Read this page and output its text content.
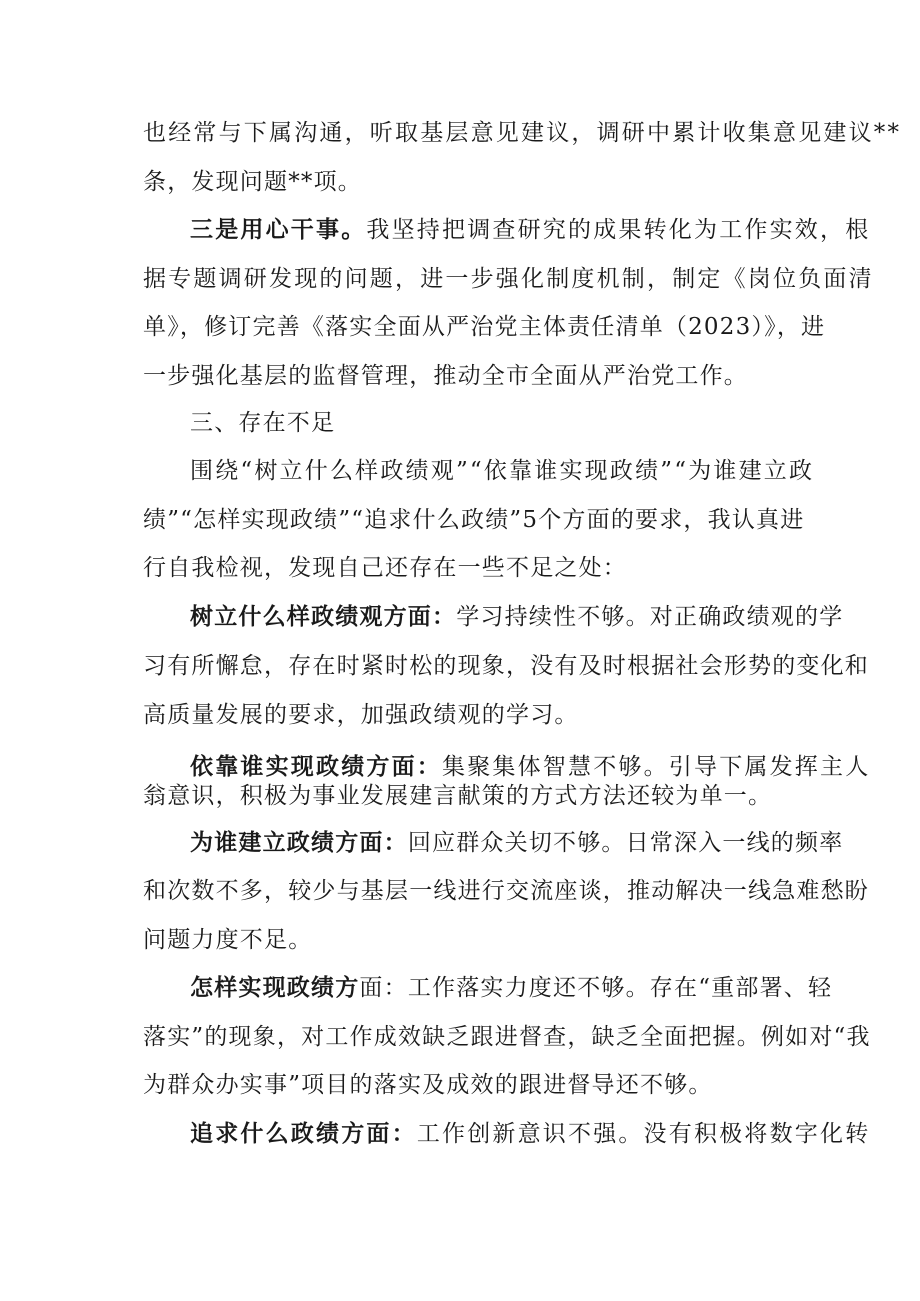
也经常与下属沟通，听取基层意见建议，调研中累计收集意见建议**
条，发现问题**项。
三是用心干事。我坚持把调查研究的成果转化为工作实效，根
据专题调研发现的问题，进一步强化制度机制，制定《岗位负面清
单》，修订完善《落实全面从严治党主体责任清单（2023）》，进
一步强化基层的监督管理，推动全市全面从严治党工作。
三、存在不足
围绕“树立什么样政绩观”“依靠谁实现政绩”“为谁建立政
绩”“怎样实现政绩”“追求什么政绩”5个方面的要求，我认真进
行自我检视，发现自己还存在一些不足之处：
树立什么样政绩观方面：学习持续性不够。对正确政绩观的学
习有所懈怠，存在时紧时松的现象，没有及时根据社会形势的变化和
高质量发展的要求，加强政绩观的学习。
依靠谁实现政绩方面：集聚集体智慧不够。引导下属发挥主人
翁意识，积极为事业发展建言献策的方式方法还较为单一。
为谁建立政绩方面：回应群众关切不够。日常深入一线的频率
和次数不多，较少与基层一线进行交流座谈，推动解决一线急难愁盼
问题力度不足。
怎样实现政绩方面：工作落实力度还不够。存在“重部署、轻
落实”的现象，对工作成效缺乏跟进督查，缺乏全面把握。例如对“我
为群众办实事”项目的落实及成效的跟进督导还不够。
追求什么政绩方面：工作创新意识不强。没有积极将数字化转
